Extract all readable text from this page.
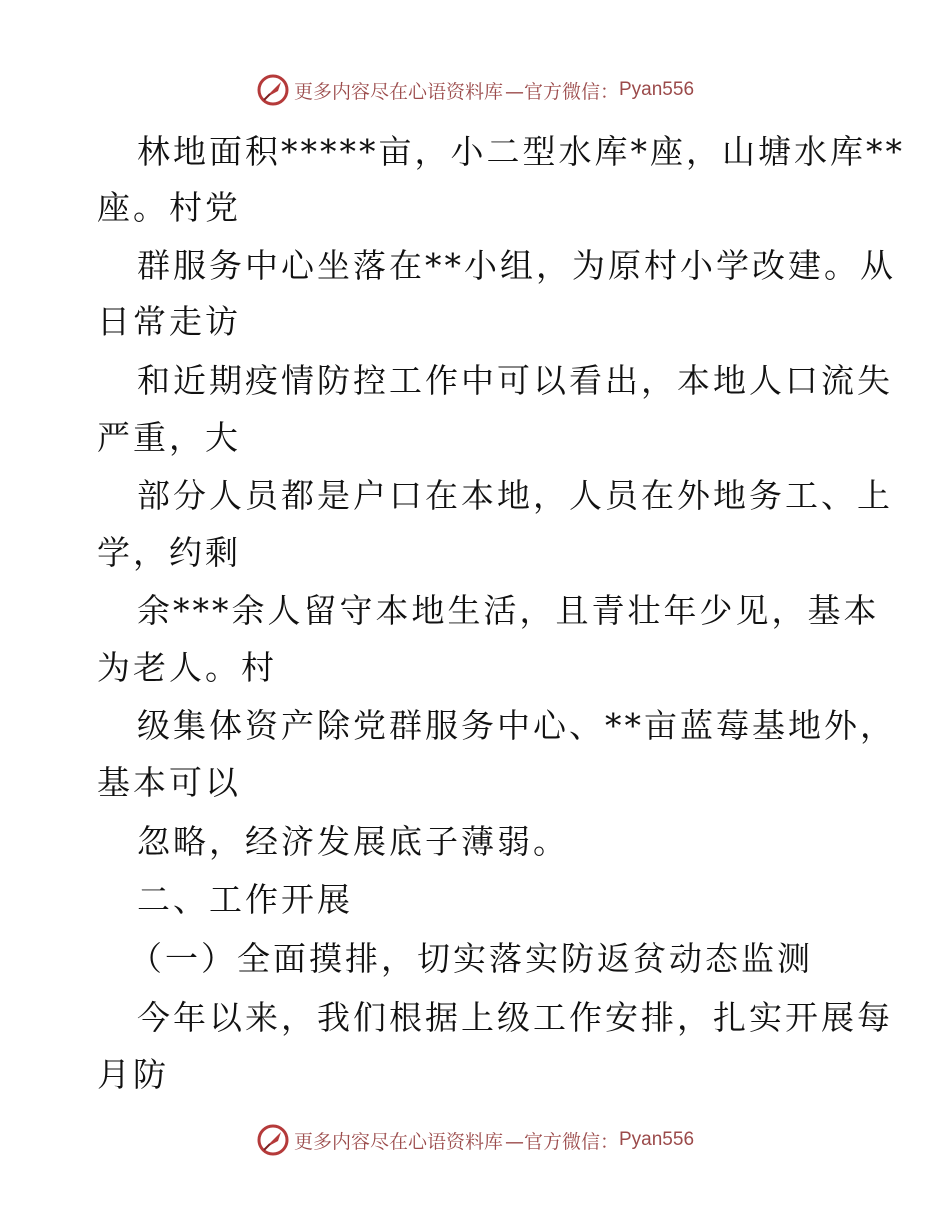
更多内容尽在心语资料库 —官方微信： Pyan556
林地面积*****亩，小二型水库*座，山塘水库**
座。村党
群服务中心坐落在**小组，为原村小学改建。从
日常走访
和近期疫情防控工作中可以看出，本地人口流失
严重，大
部分人员都是户口在本地，人员在外地务工、上
学，约剩
余***余人留守本地生活，且青壮年少见，基本
为老人。村
级集体资产除党群服务中心、**亩蓝莓基地外，
基本可以
忽略，经济发展底子薄弱。
二、工作开展
（一）全面摸排，切实落实防返贫动态监测
今年以来，我们根据上级工作安排，扎实开展每
月防
更多内容尽在心语资料库 —官方微信： Pyan556
